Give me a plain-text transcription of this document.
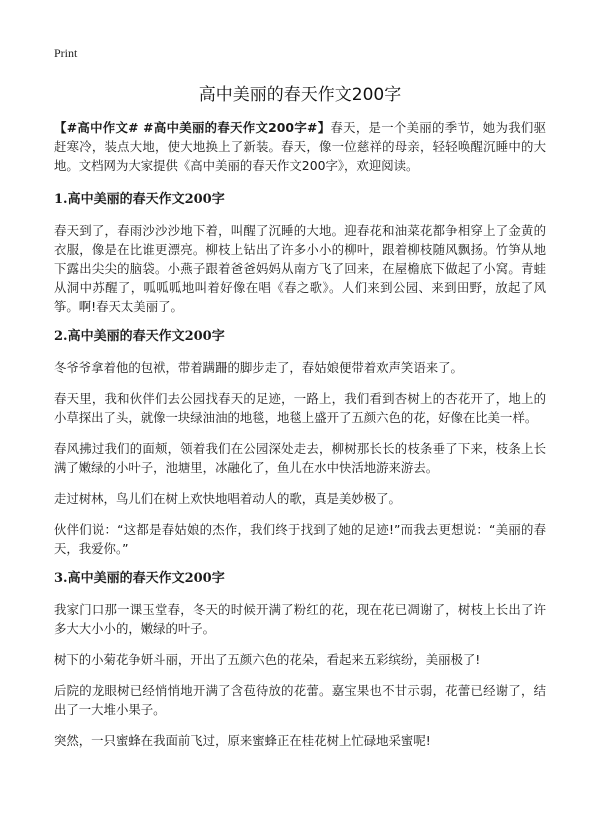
Print
高中美丽的春天作文200字

【#高中作文# #高中美丽的春天作文200字#】春天，是一个美丽的季节，她为我们驱赶寒冷，装点大地，使大地换上了新装。春天，像一位慈祥的母亲，轻轻唤醒沉睡中的大地。文档网为大家提供《高中美丽的春天作文200字》，欢迎阅读。

1.高中美丽的春天作文200字

春天到了，春雨沙沙沙地下着，叫醒了沉睡的大地。迎春花和油菜花都争相穿上了金黄的衣服，像是在比谁更漂亮。柳枝上钻出了许多小小的柳叶，跟着柳枝随风飘扬。竹笋从地下露出尖尖的脑袋。小燕子跟着爸爸妈妈从南方飞了回来，在屋檐底下做起了小窝。青蛙从洞中苏醒了，呱呱呱地叫着好像在唱《春之歌》。人们来到公园、来到田野，放起了风筝。啊!春天太美丽了。

2.高中美丽的春天作文200字

冬爷爷拿着他的包袱，带着蹒跚的脚步走了，春姑娘便带着欢声笑语来了。

春天里，我和伙伴们去公园找春天的足迹，一路上，我们看到杏树上的杏花开了，地上的小草探出了头，就像一块绿油油的地毯，地毯上盛开了五颜六色的花，好像在比美一样。

春风拂过我们的面颊，领着我们在公园深处走去，柳树那长长的枝条垂了下来，枝条上长满了嫩绿的小叶子，池塘里，冰融化了，鱼儿在水中快活地游来游去。

走过树林，鸟儿们在树上欢快地唱着动人的歌，真是美妙极了。

伙伴们说：“这都是春姑娘的杰作，我们终于找到了她的足迹!”而我去更想说：“美丽的春天，我爱你。”

3.高中美丽的春天作文200字

我家门口那一课玉堂春，冬天的时候开满了粉红的花，现在花已凋谢了，树枝上长出了许多大大小小的，嫩绿的叶子。

树下的小菊花争妍斗丽，开出了五颜六色的花朵，看起来五彩缤纷，美丽极了!

后院的龙眼树已经悄悄地开满了含苞待放的花蕾。嘉宝果也不甘示弱，花蕾已经谢了，结出了一大堆小果子。

突然，一只蜜蜂在我面前飞过，原来蜜蜂正在桂花树上忙碌地采蜜呢!
